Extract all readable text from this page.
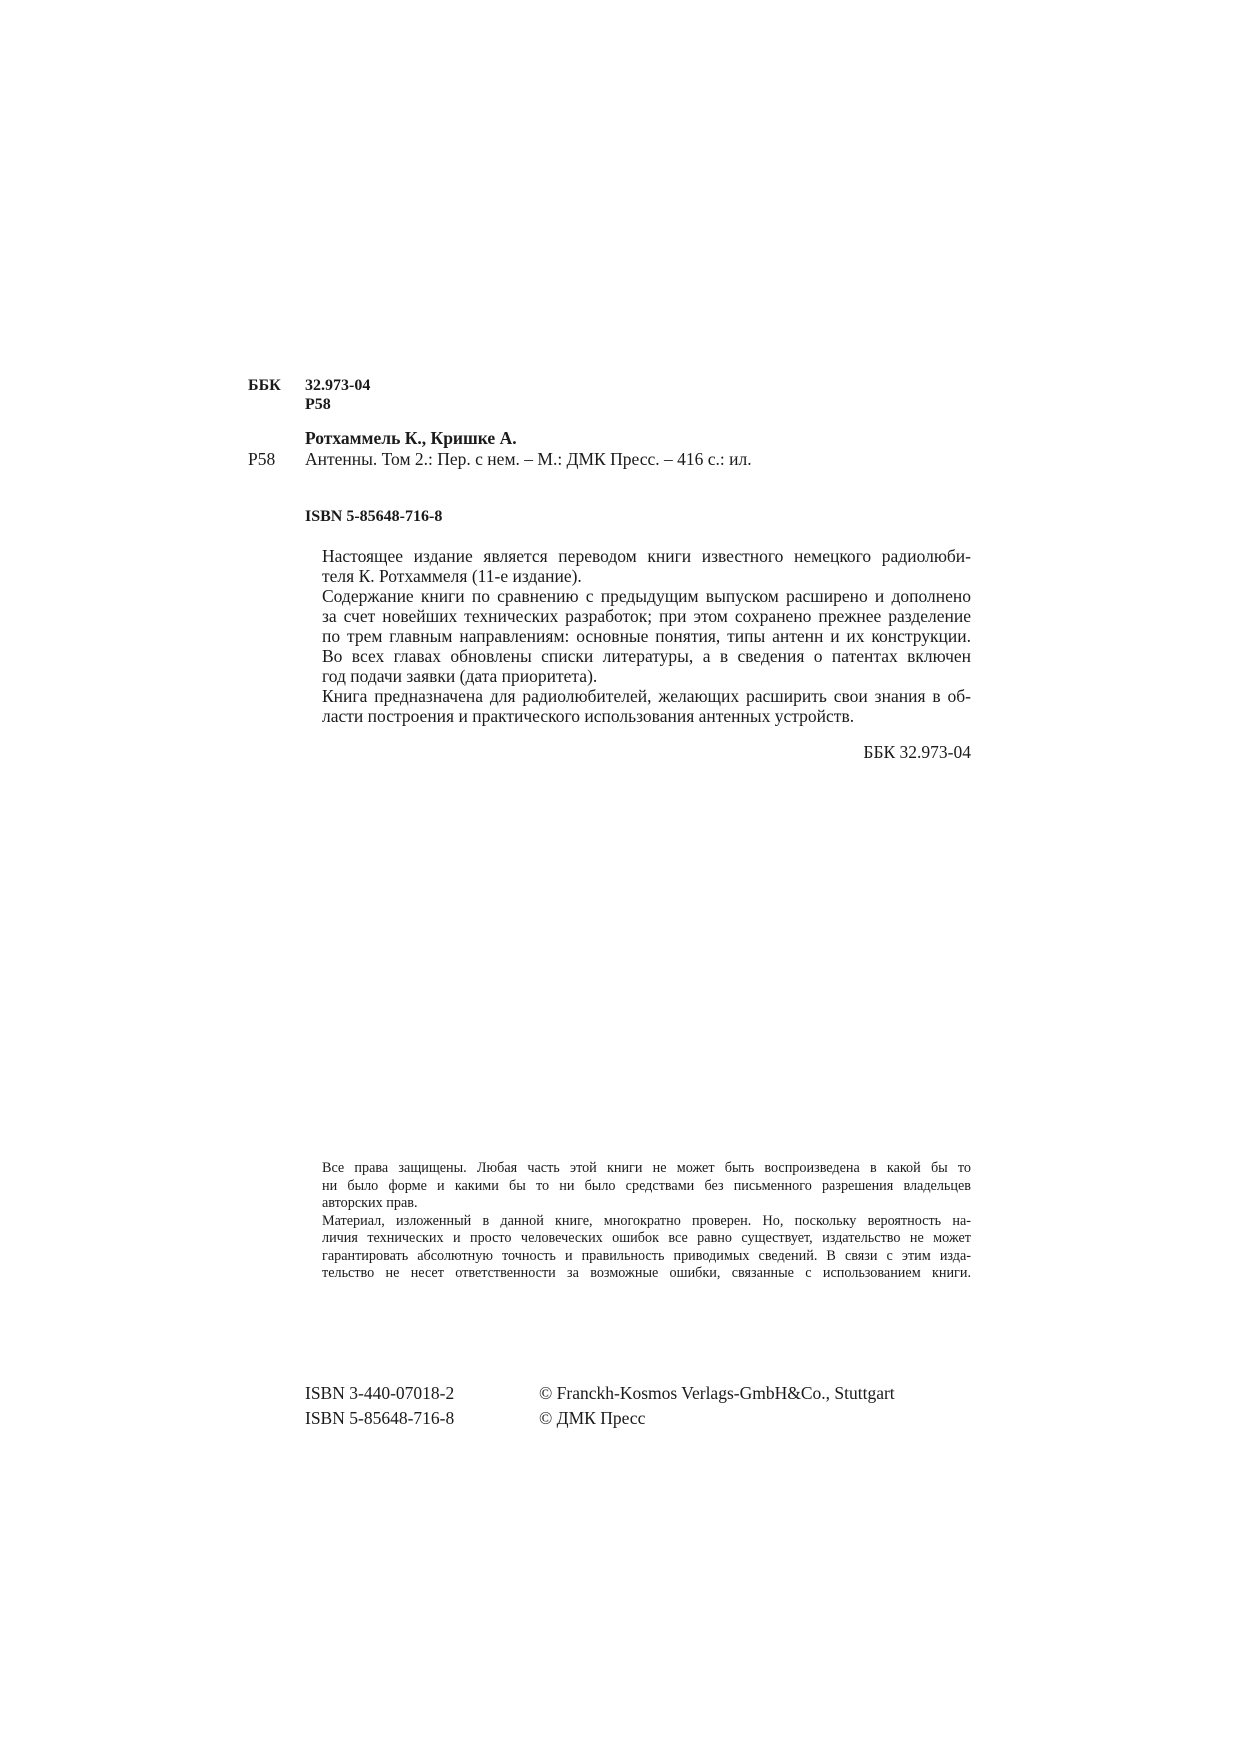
ББК 32.973-04
Р58
Ротхаммель К., Кришке А.
Р58 Антенны. Том 2.: Пер. с нем. – М.: ДМК Пресс. – 416 с.: ил.
ISBN 5-85648-716-8

Настоящее издание является переводом книги известного немецкого радиолюби-
теля К. Ротхаммеля (11-е издание).

Содержание книги по сравнению с предыдущим выпуском расширено и дополнено
за счет новейших технических разработок; при этом сохранено прежнее разделение
по трем главным направлениям: основные понятия, типы антенн и их конструкции.

Во всех главах обновлены списки литературы, а в сведения о патентах включен
год подачи заявки (дата приоритета).

Книга предназначена для радиолюбителей, желающих расширить свои знания в об-
ласти построения и практического использования антенных устройств.

ББК 32.973-04

Все права защищены. Любая часть этой книги не может быть воспроизведена в какой бы то
ни было форме и какими бы то ни было средствами без письменного разрешения владельцев
авторских прав.

Материал, изложенный в данной книге, многократно проверен. Но, поскольку вероятность на-
личия технических и просто человеческих ошибок все равно существует, издательство не может
гарантировать абсолютную точность и правильность приводимых сведений. В связи с этим изда-
тельство не несет ответственности за возможные ошибки, связанные с использованием книги.

ISBN 3-440-07018-2	© Franckh-Kosmos Verlags-GmbH&Co., Stuttgart
ISBN 5-85648-716-8	© ДМК Пресс
